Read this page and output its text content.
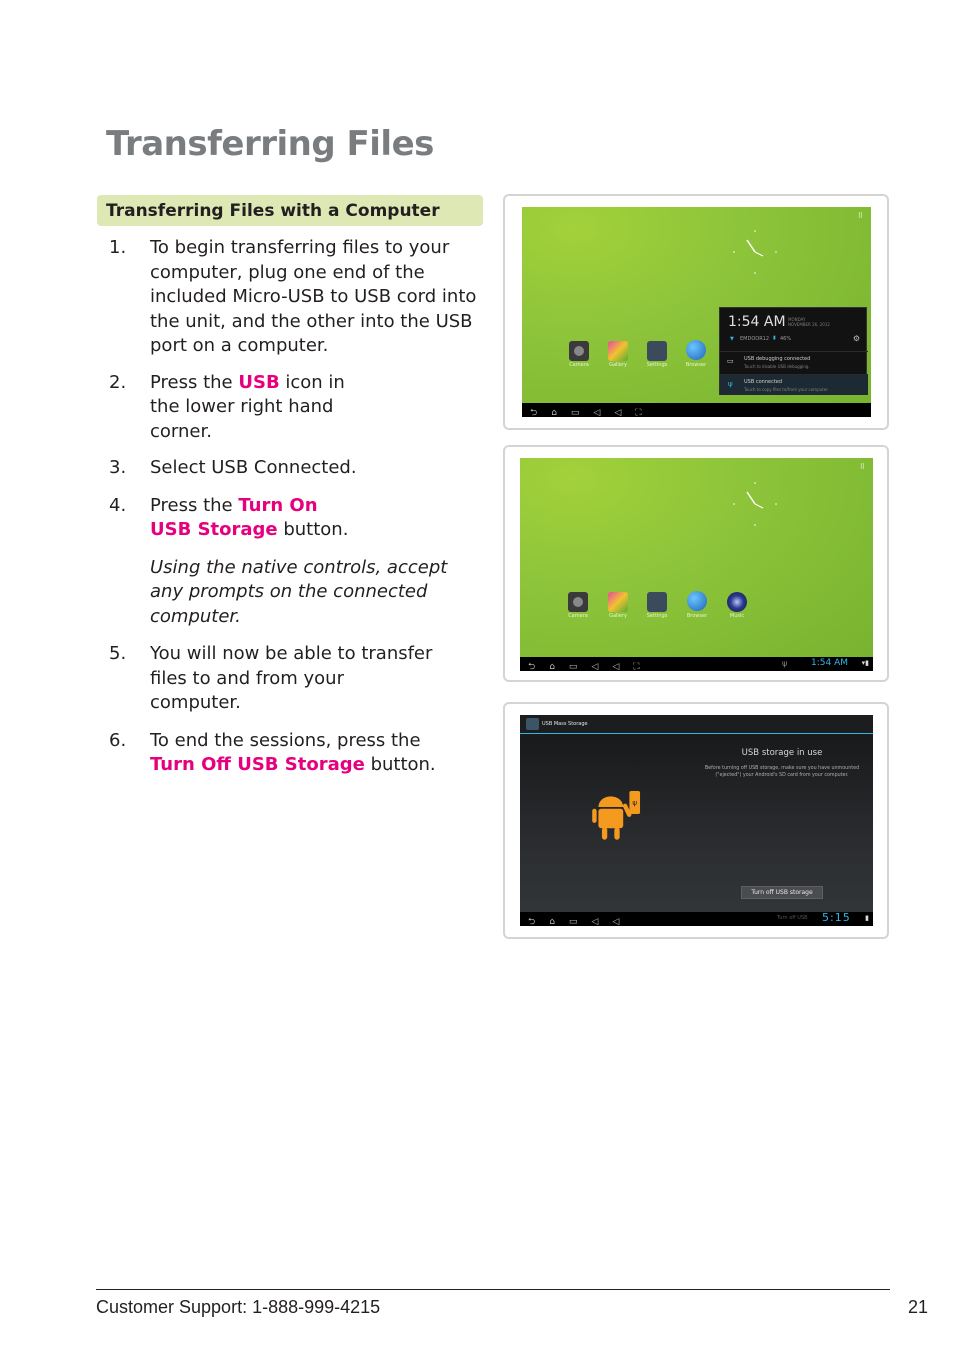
Transferring Files
Transferring Files with a Computer
1. To begin transferring files to your computer, plug one end of the included Micro-USB to USB cord into the unit, and the other into the USB port on a computer.

2. Press the USB icon in the lower right hand corner.

3. Select USB Connected.

4. Press the Turn On USB Storage button.

Using the native controls, accept any prompts on the connected computer.

5. You will now be able to transfer files to and from your computer.

6. To end the sessions, press the Turn Off USB Storage button.

⠿
Camera	Gallery	Settings	Browser
1:54 AM MONDAY
NOVEMBER 26, 2012
⚙
▼ EMDOOR12 ▮ 46%
▭ USB debugging connected
Touch to disable USB debugging.
ψ USB connected
Touch to copy files to/from your computer.
⮌⌂▭◁◁⛶
⠿
Camera	Gallery	Settings	Browser	Music
⮌⌂▭◁◁⛶	ψ	1:54 AM ▾▮
USB Mass Storage
USB storage in use
Before turning off USB storage, make sure you have unmounted ("ejected") your Android's SD card from your computer.
ψ
Turn off USB storage
⮌⌂▭◁◁	Turn off USB 5:15 ▮
Customer Support: 1-888-999-4215	21
